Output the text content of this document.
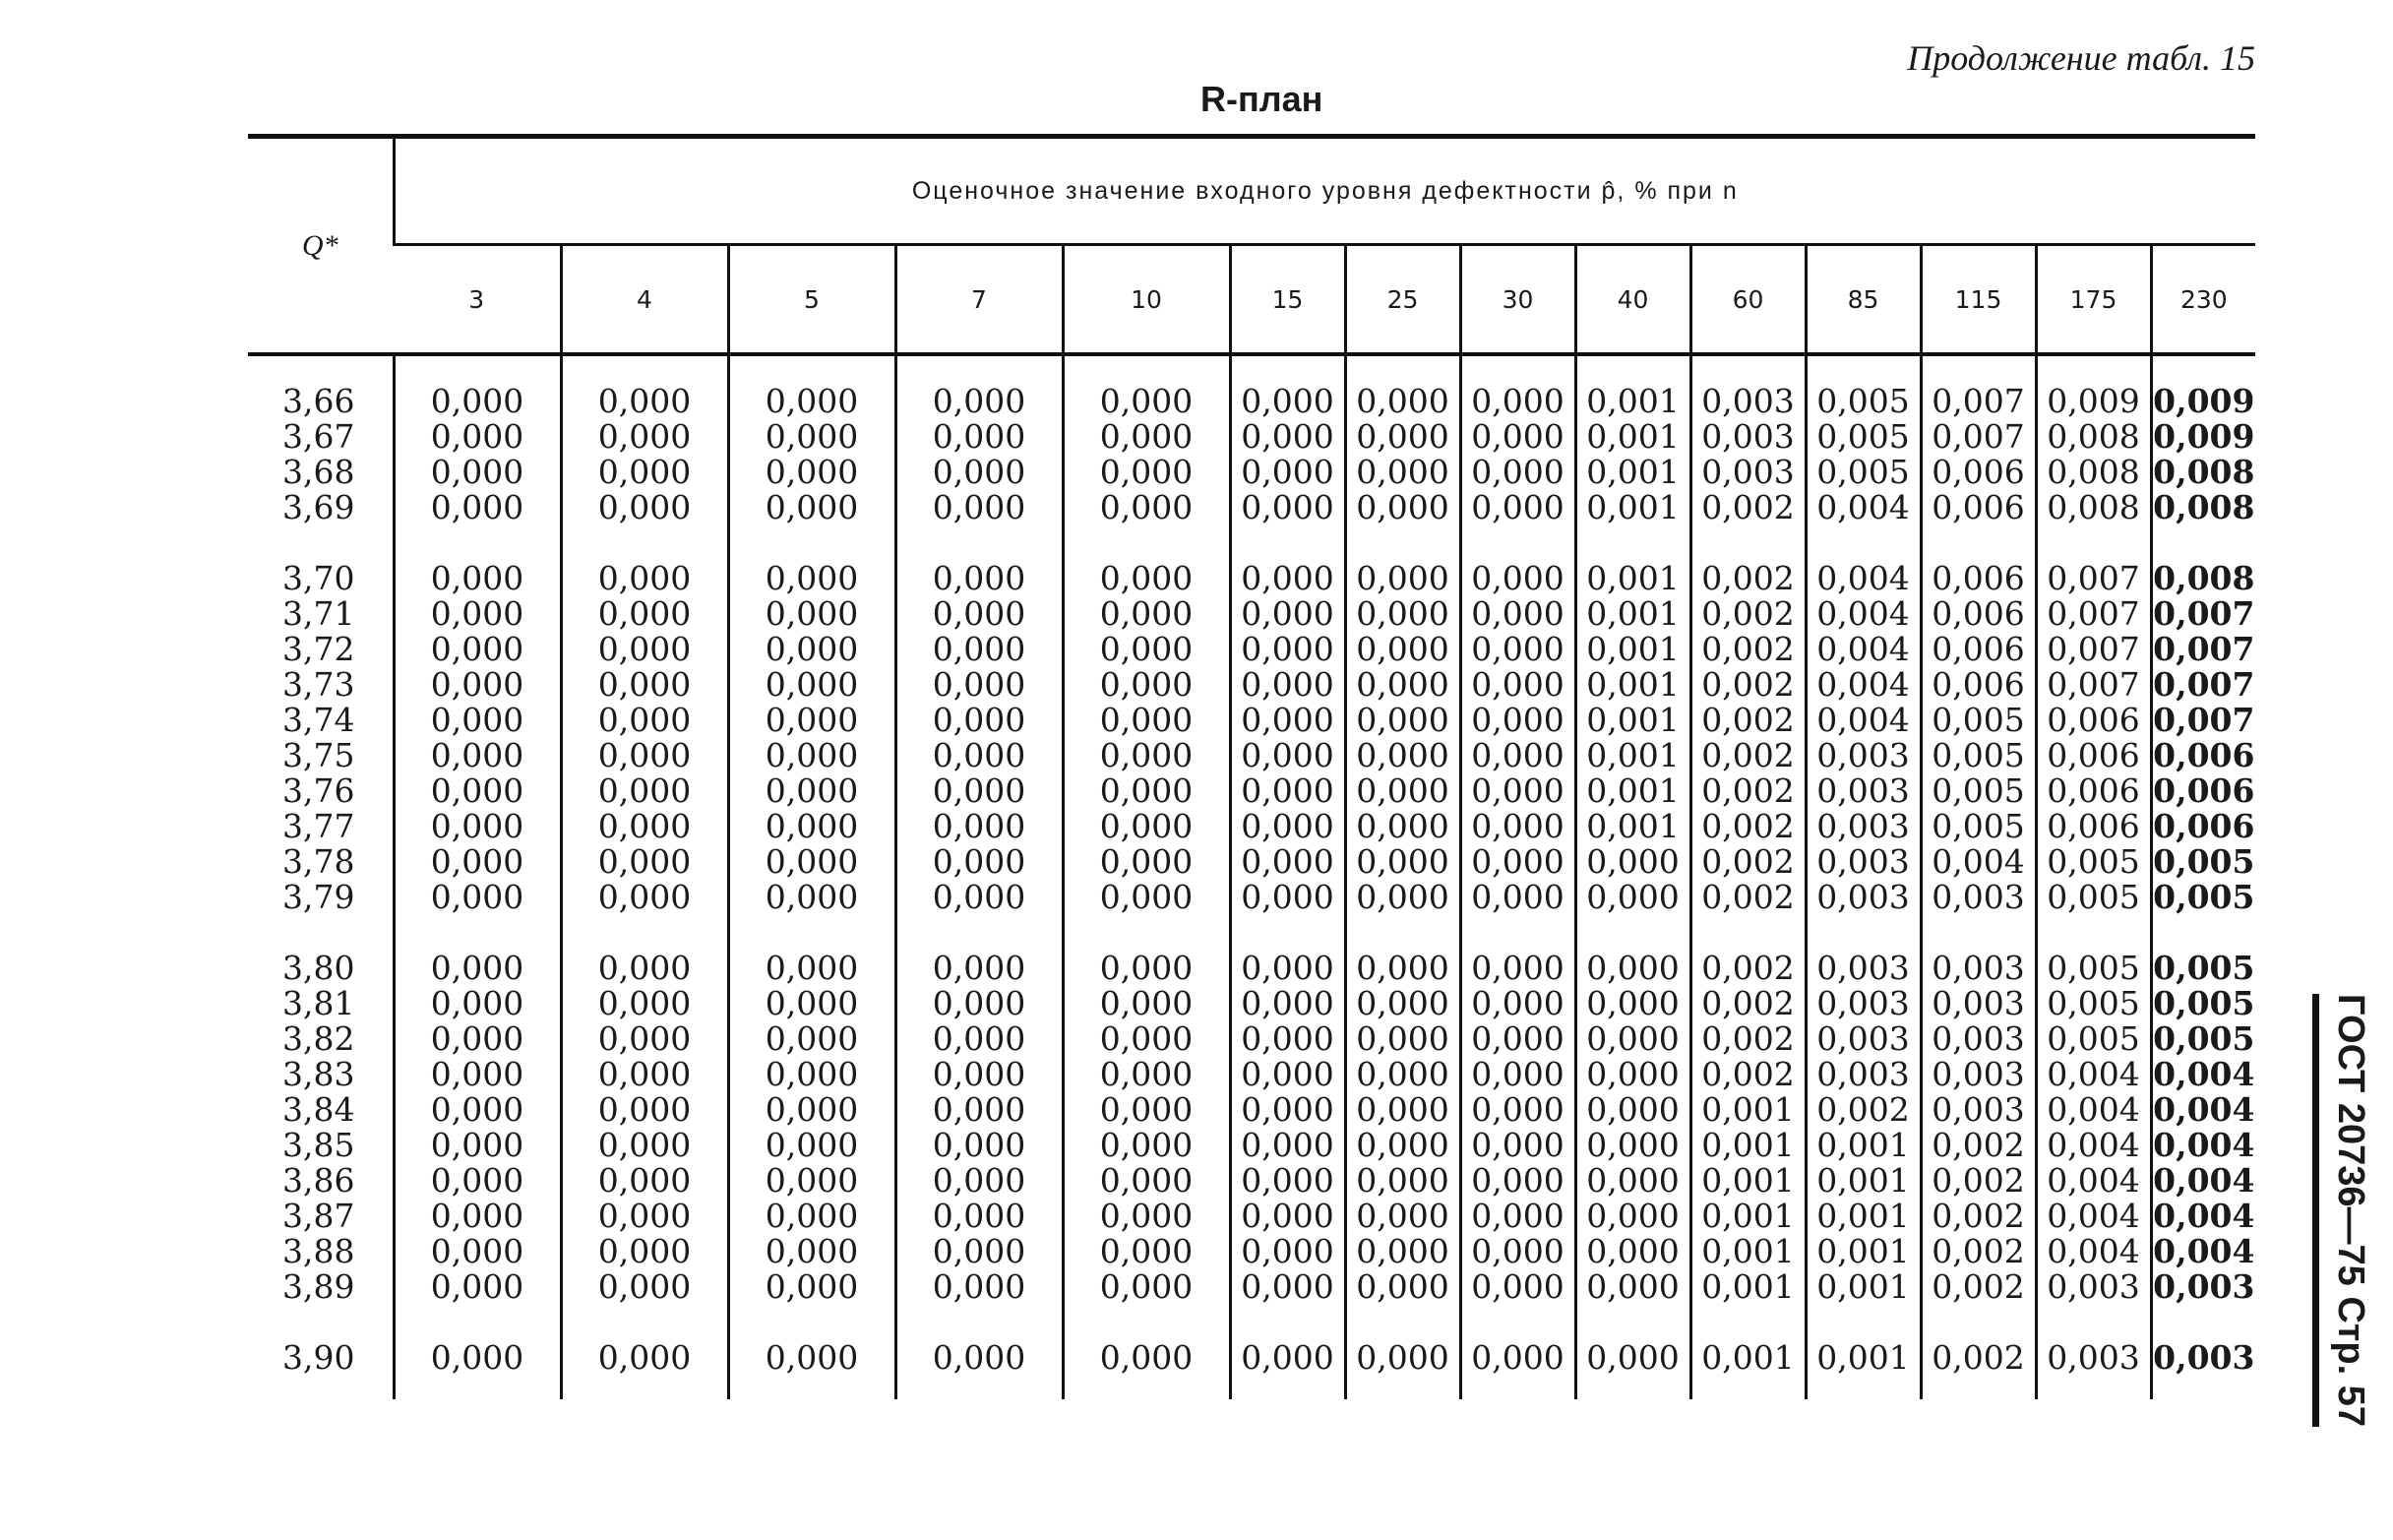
Продолжение табл. 15
R-план
Q*	Оценочное значение входного уровня дефектности p̂, % при n													
	3	4	5	7	10	15	25	30	40	60	85	115	175	230
3,66	0,000	0,000	0,000	0,000	0,000	0,000	0,000	0,000	0,001	0,003	0,005	0,007	0,009	0,009
3,67	0,000	0,000	0,000	0,000	0,000	0,000	0,000	0,000	0,001	0,003	0,005	0,007	0,008	0,009
3,68	0,000	0,000	0,000	0,000	0,000	0,000	0,000	0,000	0,001	0,003	0,005	0,006	0,008	0,008
3,69	0,000	0,000	0,000	0,000	0,000	0,000	0,000	0,000	0,001	0,002	0,004	0,006	0,008	0,008

3,70	0,000	0,000	0,000	0,000	0,000	0,000	0,000	0,000	0,001	0,002	0,004	0,006	0,007	0,008
3,71	0,000	0,000	0,000	0,000	0,000	0,000	0,000	0,000	0,001	0,002	0,004	0,006	0,007	0,007
3,72	0,000	0,000	0,000	0,000	0,000	0,000	0,000	0,000	0,001	0,002	0,004	0,006	0,007	0,007
3,73	0,000	0,000	0,000	0,000	0,000	0,000	0,000	0,000	0,001	0,002	0,004	0,006	0,007	0,007
3,74	0,000	0,000	0,000	0,000	0,000	0,000	0,000	0,000	0,001	0,002	0,004	0,005	0,006	0,007
3,75	0,000	0,000	0,000	0,000	0,000	0,000	0,000	0,000	0,001	0,002	0,003	0,005	0,006	0,006
3,76	0,000	0,000	0,000	0,000	0,000	0,000	0,000	0,000	0,001	0,002	0,003	0,005	0,006	0,006
3,77	0,000	0,000	0,000	0,000	0,000	0,000	0,000	0,000	0,001	0,002	0,003	0,005	0,006	0,006
3,78	0,000	0,000	0,000	0,000	0,000	0,000	0,000	0,000	0,000	0,002	0,003	0,004	0,005	0,005
3,79	0,000	0,000	0,000	0,000	0,000	0,000	0,000	0,000	0,000	0,002	0,003	0,003	0,005	0,005

3,80	0,000	0,000	0,000	0,000	0,000	0,000	0,000	0,000	0,000	0,002	0,003	0,003	0,005	0,005
3,81	0,000	0,000	0,000	0,000	0,000	0,000	0,000	0,000	0,000	0,002	0,003	0,003	0,005	0,005
3,82	0,000	0,000	0,000	0,000	0,000	0,000	0,000	0,000	0,000	0,002	0,003	0,003	0,005	0,005
3,83	0,000	0,000	0,000	0,000	0,000	0,000	0,000	0,000	0,000	0,002	0,003	0,003	0,004	0,004
3,84	0,000	0,000	0,000	0,000	0,000	0,000	0,000	0,000	0,000	0,001	0,002	0,003	0,004	0,004
3,85	0,000	0,000	0,000	0,000	0,000	0,000	0,000	0,000	0,000	0,001	0,001	0,002	0,004	0,004
3,86	0,000	0,000	0,000	0,000	0,000	0,000	0,000	0,000	0,000	0,001	0,001	0,002	0,004	0,004
3,87	0,000	0,000	0,000	0,000	0,000	0,000	0,000	0,000	0,000	0,001	0,001	0,002	0,004	0,004
3,88	0,000	0,000	0,000	0,000	0,000	0,000	0,000	0,000	0,000	0,001	0,001	0,002	0,004	0,004
3,89	0,000	0,000	0,000	0,000	0,000	0,000	0,000	0,000	0,000	0,001	0,001	0,002	0,003	0,003

3,90	0,000	0,000	0,000	0,000	0,000	0,000	0,000	0,000	0,000	0,001	0,001	0,002	0,003	0,003 ГОСТ 20736—75 Стр. 57
